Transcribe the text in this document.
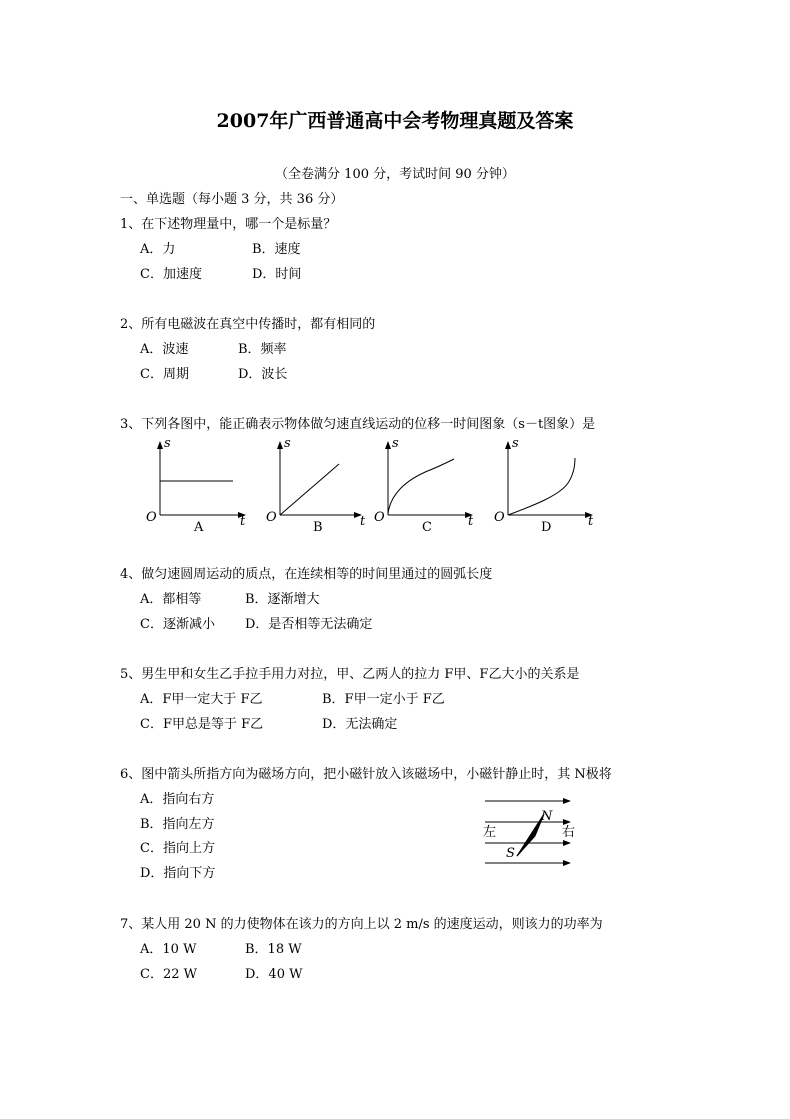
2007年广西普通高中会考物理真题及答案
（全卷满分 100 分，考试时间 90 分钟）
一、单选题（每小题 3 分，共 36 分）
1、在下述物理量中，哪一个是标量？
A．力	B．速度
C．加速度	D．时间
2、所有电磁波在真空中传播时，都有相同的
A．波速	B．频率
C．周期	D．波长
3、下列各图中，能正确表示物体做匀速直线运动的位移一时间图象（s－t图象）是
s	s	s	s
O	O	O	O
t	t	t	t
A	B	C	D
4、做匀速圆周运动的质点，在连续相等的时间里通过的圆弧长度
A．都相等	B．逐渐增大
C．逐渐减小 D．是否相等无法确定
5、男生甲和女生乙手拉手用力对拉，甲、乙两人的拉力 F甲、F乙大小的关系是
A．F甲一定大于 F乙	B．F甲一定小于 F乙
C．F甲总是等于 F乙	D．无法确定
6、图中箭头所指方向为磁场方向，把小磁针放入该磁场中，小磁针静止时，其 N极将
A．指向右方
B．指向左方
C．指向上方
D．指向下方
左	右
N
S
7、某人用 20 N 的力使物体在该力的方向上以 2 m/s 的速度运动，则该力的功率为
A．10 W	B．18 W
C．22 W	D．40 W
